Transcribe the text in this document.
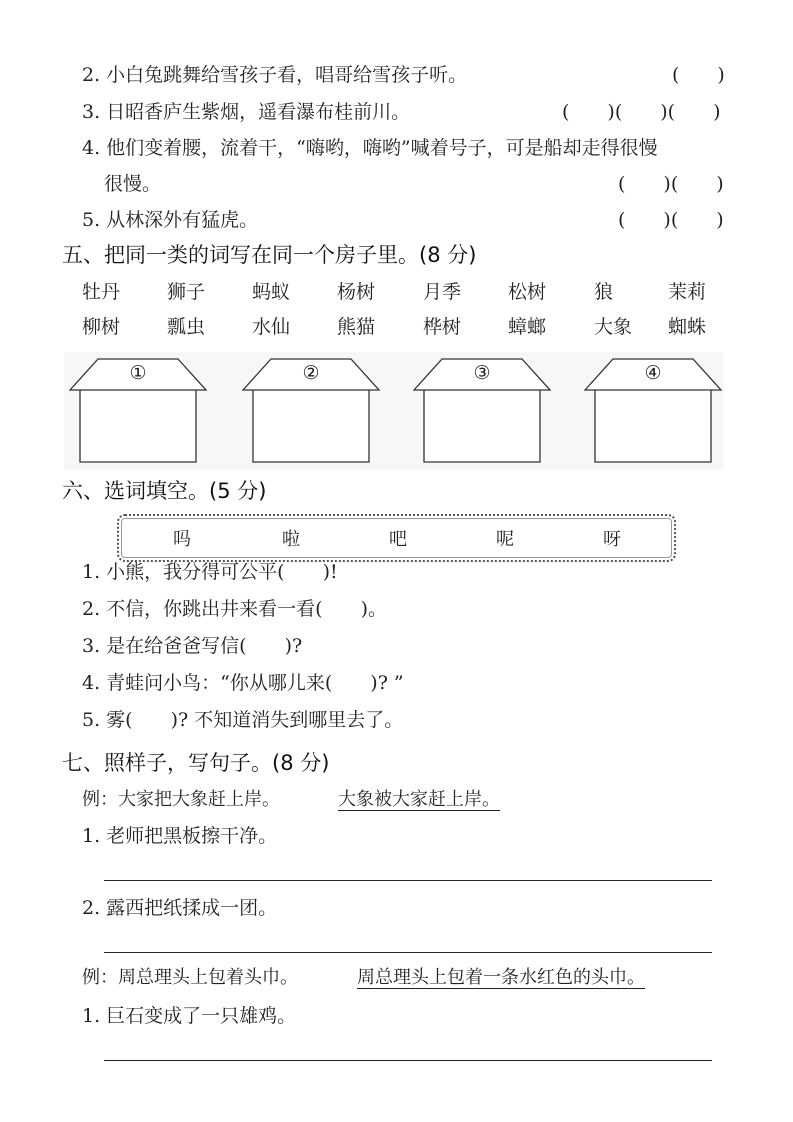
2. 小白兔跳舞给雪孩子看，唱哥给雪孩子听。	(　　)
3. 日昭香庐生紫烟，遥看瀑布桂前川。	(　　)(　　)(　　)
4. 他们变着腰，流着干，“嗨哟，嗨哟”喊着号子，可是船却走得很慢
很慢。	(　　)(　　)
5. 从林深外有猛虎。	(　　)(　　)
五、把同一类的词写在同一个房子里。(8 分)
牡丹 狮子 蚂蚁 杨树	月季 松树	狼	茉莉
柳树 瓢虫 水仙 熊猫	桦树 蟑螂	大象 蜘蛛
①	②	③	④
六、选词填空。(5 分)
吗	啦	吧	呢	呀
1. 小熊，我分得可公平(　　)!
2. 不信，你跳出井来看一看(　　)。
3. 是在给爸爸写信(　　)?
4. 青蛙问小鸟：“你从哪儿来(　　)? ”
5. 雾(　　)? 不知道消失到哪里去了。
七、照样子，写句子。(8 分)
例：大家把大象赶上岸。	大象被大家赶上岸。
1. 老师把黑板擦干净。
2. 露西把纸揉成一团。
例：周总理头上包着头巾。	周总理头上包着一条水红色的头巾。
1. 巨石变成了一只雄鸡。
